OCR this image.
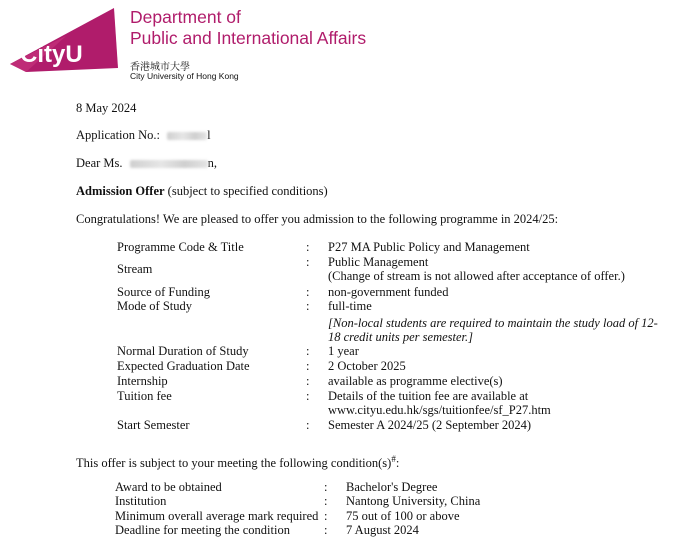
CityU
Department of
Public and International Affairs
香港城市大學
City University of Hong Kong
8 May 2024
Application No.:	l
Dear Ms.	n,
Admission Offer (subject to specified conditions)
Congratulations! We are pleased to offer you admission to the following programme in 2024/25:
Programme Code & Title	: P27 MA Public Policy and Management
Stream	: Public Management
(Change of stream is not allowed after acceptance of offer.)
Source of Funding	: non-government funded
Mode of Study	: full-time
[Non-local students are required to maintain the study load of 12-
18 credit units per semester.]
Normal Duration of Study	: 1 year
Expected Graduation Date	: 2 October 2025
Internship	: available as programme elective(s)
Tuition fee	: Details of the tuition fee are available at
www.cityu.edu.hk/sgs/tuitionfee/sf_P27.htm
Start Semester	: Semester A 2024/25 (2 September 2024)
This offer is subject to your meeting the following condition(s)#:
Award to be obtained	: Bachelor's Degree
Institution	: Nantong University, China
Minimum overall average mark required : 75 out of 100 or above
Deadline for meeting the condition	: 7 August 2024
